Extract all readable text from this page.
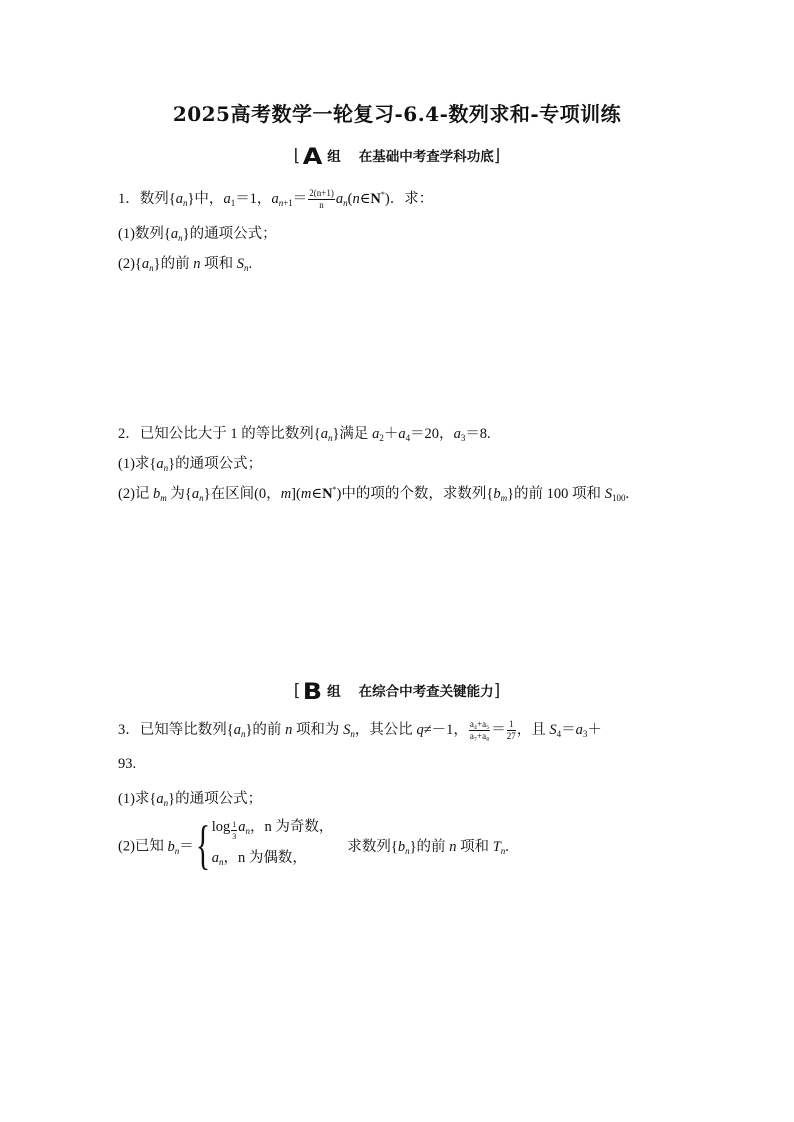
2025高考数学一轮复习-6.4-数列求和-专项训练
⌊ A 组 在基础中考查学科功底⌋
1．数列$\{a_n\}$中，$a_1=1$，$a_{n+1}= \frac{2(n+1)}{n}$ $a_n(n\in N^*)$．求：
(1)数列$\{a_n\}$的通项公式；
$(2)\{a_n\}$的前 n 项和 $S_n$.
2．已知公比大于 1 的等比数列$\{a_n\}$满足 $a_2+a_4=20$，$a_3=8$.
(1)求$\{a_n\}$的通项公式；
(2)记 $b_m$ 为$\{a_n\}$在区间(0，m](m∈N*)中的项的个数，求数列$\{b_m\}$的前 100 项和 $S_{100}$.
[ B 组 在综合中考查关键能力]
3．已知等比数列$\{a_n\}$的前 n 项和为 $S_n$，其公比 q≠－1， $\frac{\text{a₄+a₅}}{\text{a₇+a₈}} = \frac{1}{27}$ ，且 $S_4=a_3+$
93.
(1)求$\{a_n\}$的通项公式；
(2)已知 $b_n=${ $\log \frac{1}{3} a_n$，n 为奇数，
$a_n$，n 为偶数，
求数列$\{b_n\}$的前 n 项和 $T_n$.
